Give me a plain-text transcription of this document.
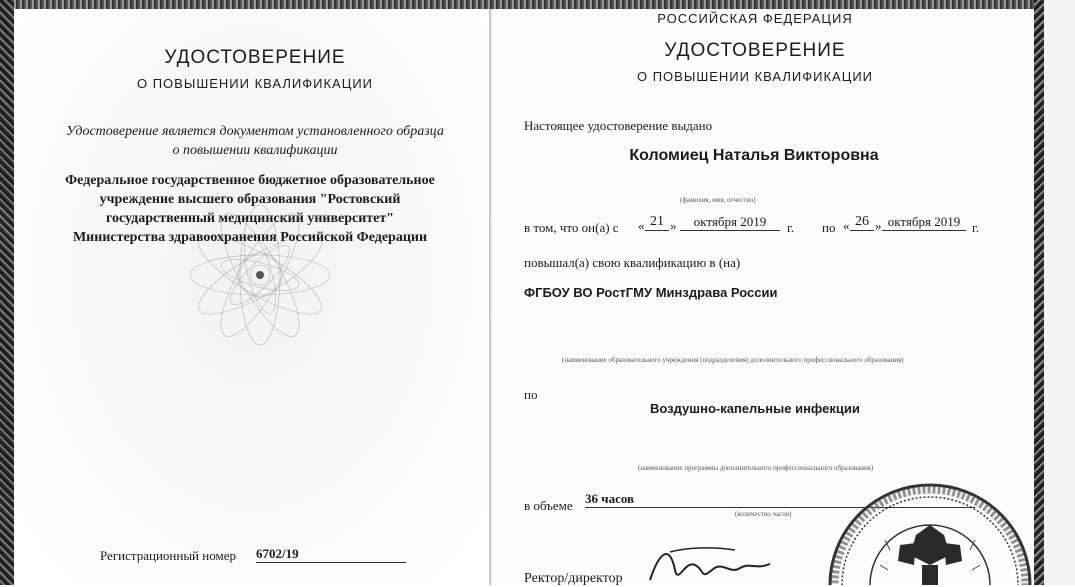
УДОСТОВЕРЕНИЕ
О ПОВЫШЕНИИ КВАЛИФИКАЦИИ
Удостоверение является документом установленного образца
о повышении квалификации
Федеральное государственное бюджетное образовательное
учреждение высшего образования "Ростовский
государственный медицинский университет"
Министерства здравоохранения Российской Федерации
Регистрационный номер 6702/19
РОССИЙСКАЯ ФЕДЕРАЦИЯ
УДОСТОВЕРЕНИЕ
О ПОВЫШЕНИИ КВАЛИФИКАЦИИ
Настоящее удостоверение выдано
Коломиец Наталья Викторовна
(фамилия, имя, отчество)
в том, что он(а) с « 21 »	октября 2019	г. по « 26 » октября 2019 г.
повышал(а) свою квалификацию в (на)
ФГБОУ ВО РостГМУ Минздрава России
(наименование образовательного учреждения (подразделения) дополнительного профессионального образования)
по
Воздушно-капельные инфекции
(наименование программы дополнительного профессионального образования)
в объеме 36 часов
(количество часов)
Ректор/директор
